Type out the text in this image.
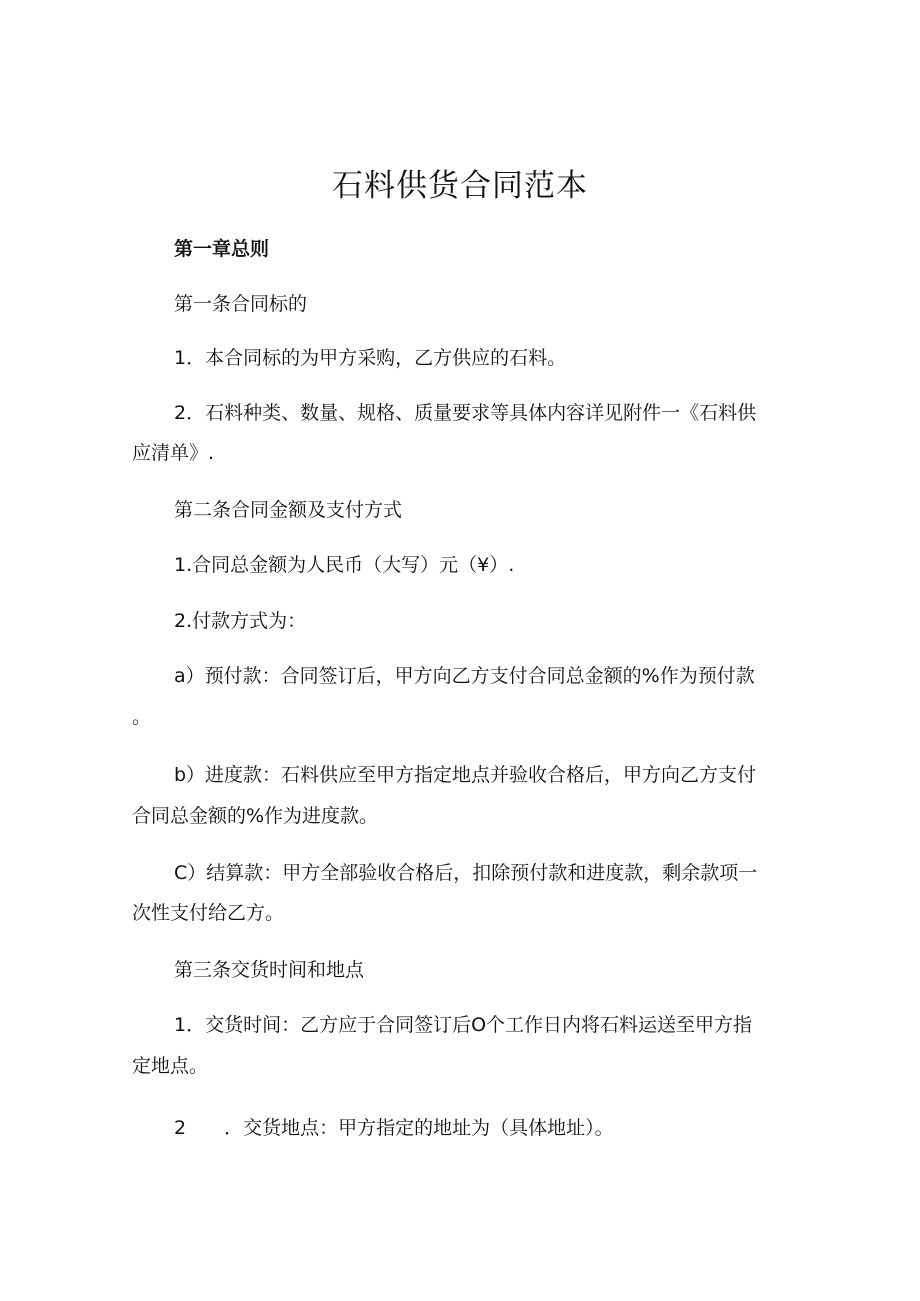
石料供货合同范本

第一章总则

第一条合同标的

1．本合同标的为甲方采购，乙方供应的石料。

2．石料种类、数量、规格、质量要求等具体内容详见附件一《石料供

应清单》.

第二条合同金额及支付方式

1.合同总金额为人民币（大写）元（¥）.

2.付款方式为：

a）预付款：合同签订后，甲方向乙方支付合同总金额的%作为预付款

。

b）进度款：石料供应至甲方指定地点并验收合格后，甲方向乙方支付

合同总金额的%作为进度款。

C）结算款：甲方全部验收合格后，扣除预付款和进度款，剩余款项一

次性支付给乙方。

第三条交货时间和地点

1．交货时间：乙方应于合同签订后O个工作日内将石料运送至甲方指

定地点。

2　　．交货地点：甲方指定的地址为（具体地址）。
